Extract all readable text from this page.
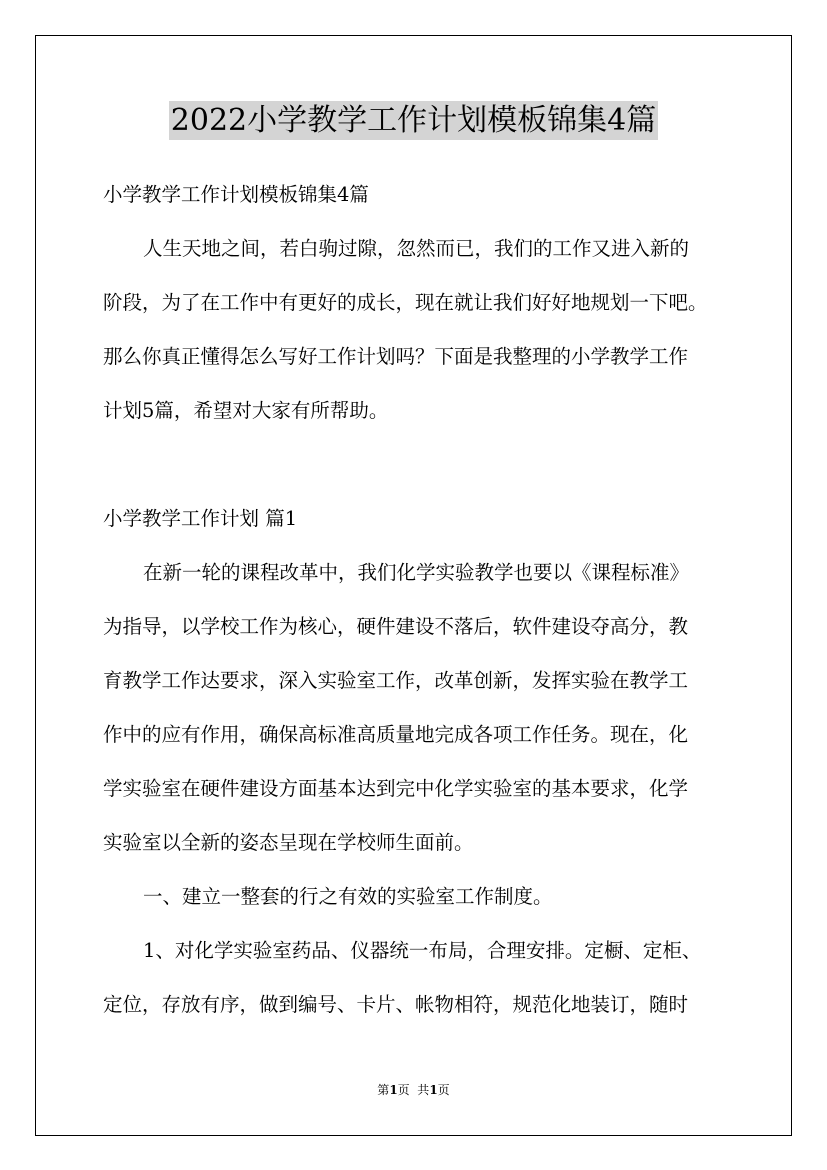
2022小学教学工作计划模板锦集4篇

小学教学工作计划模板锦集4篇

人生天地之间，若白驹过隙，忽然而已，我们的工作又进入新的

阶段，为了在工作中有更好的成长，现在就让我们好好地规划一下吧。

那么你真正懂得怎么写好工作计划吗？下面是我整理的小学教学工作

计划5篇，希望对大家有所帮助。

小学教学工作计划 篇1

在新一轮的课程改革中，我们化学实验教学也要以《课程标准》

为指导，以学校工作为核心，硬件建设不落后，软件建设夺高分，教

育教学工作达要求，深入实验室工作，改革创新，发挥实验在教学工

作中的应有作用，确保高标准高质量地完成各项工作任务。现在，化

学实验室在硬件建设方面基本达到完中化学实验室的基本要求，化学

实验室以全新的姿态呈现在学校师生面前。

一、建立一整套的行之有效的实验室工作制度。

1、对化学实验室药品、仪器统一布局，合理安排。定橱、定柜、

定位，存放有序，做到编号、卡片、帐物相符，规范化地装订，随时

第1页  共1页
